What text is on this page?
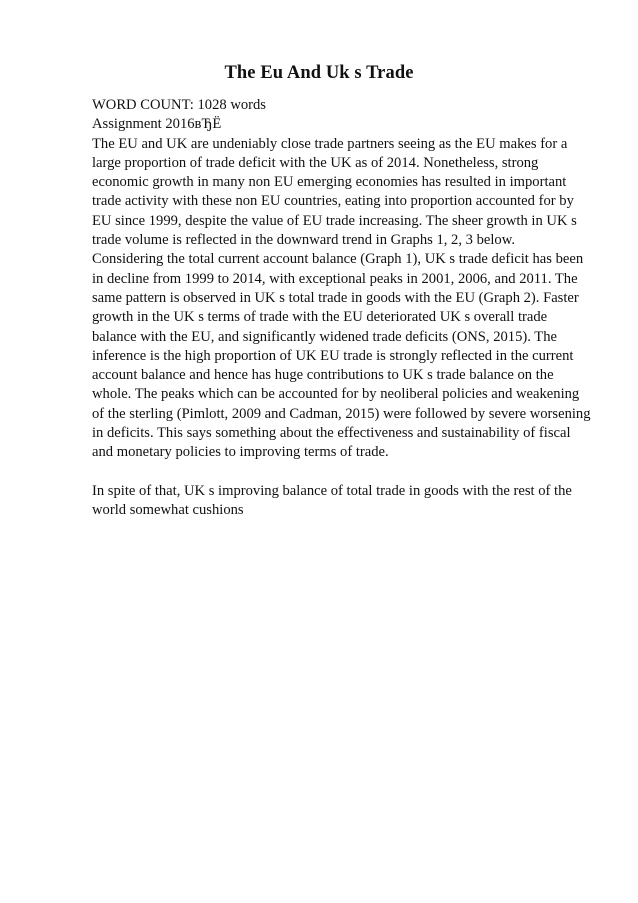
The Eu And Uk s Trade
WORD COUNT: 1028 words
Assignment 2016вЂЁ
The EU and UK are undeniably close trade partners seeing as the EU makes for a
large proportion of trade deficit with the UK as of 2014. Nonetheless, strong
economic growth in many non EU emerging economies has resulted in important
trade activity with these non EU countries, eating into proportion accounted for by
EU since 1999, despite the value of EU trade increasing. The sheer growth in UK s
trade volume is reflected in the downward trend in Graphs 1, 2, 3 below.
Considering the total current account balance (Graph 1), UK s trade deficit has been
in decline from 1999 to 2014, with exceptional peaks in 2001, 2006, and 2011. The
same pattern is observed in UK s total trade in goods with the EU (Graph 2). Faster
growth in the UK s terms of trade with the EU deteriorated UK s overall trade
balance with the EU, and significantly widened trade deficits (ONS, 2015). The
inference is the high proportion of UK EU trade is strongly reflected in the current
account balance and hence has huge contributions to UK s trade balance on the
whole. The peaks which can be accounted for by neoliberal policies and weakening
of the sterling (Pimlott, 2009 and Cadman, 2015) were followed by severe worsening
in deficits. This says something about the effectiveness and sustainability of fiscal
and monetary policies to improving terms of trade.
In spite of that, UK s improving balance of total trade in goods with the rest of the
world somewhat cushions
